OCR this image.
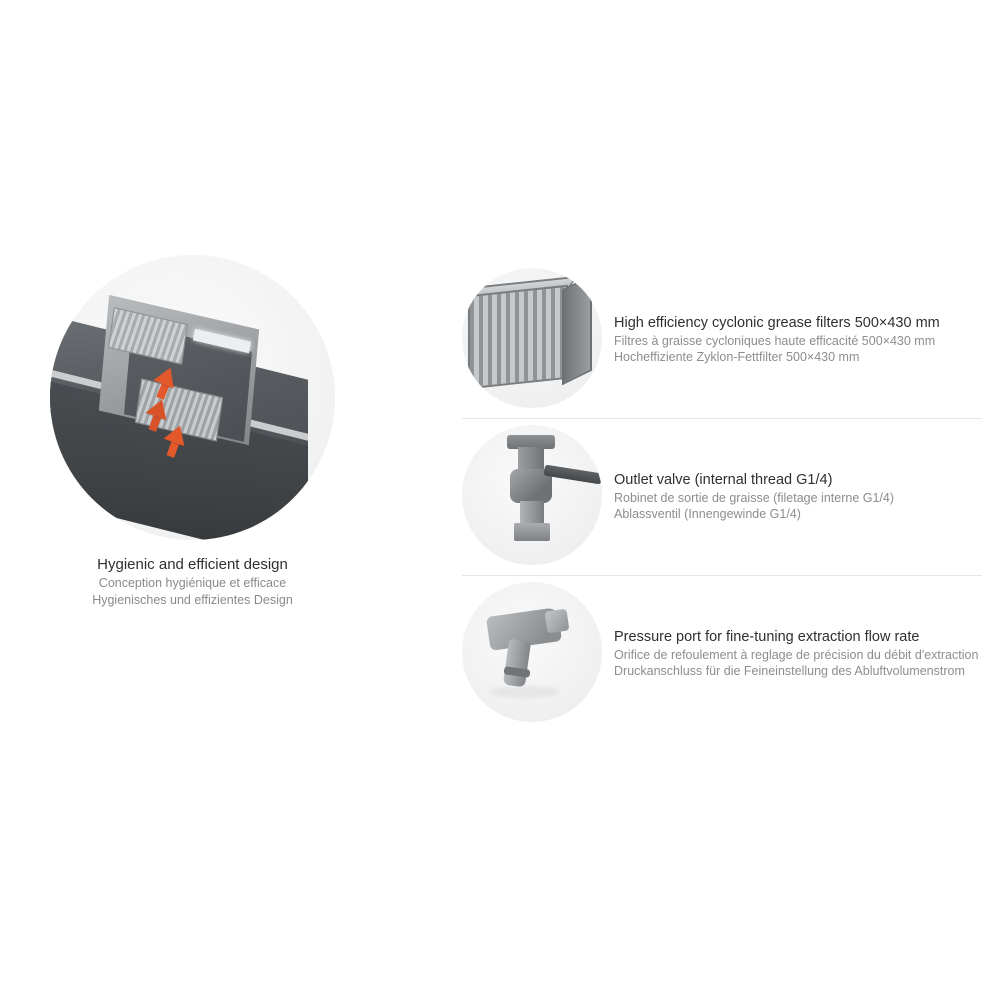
Hygienic and efficient design
Conception hygiénique et efficace
Hygienisches und effizientes Design
High efficiency cyclonic grease filters 500×430 mm
Filtres à graisse cycloniques haute efficacité 500×430 mm
Hocheffiziente Zyklon-Fettfilter 500×430 mm
Outlet valve (internal thread G1/4)
Robinet de sortie de graisse (filetage interne G1/4)
Ablassventil (Innengewinde G1/4)
Pressure port for fine-tuning extraction flow rate
Orifice de refoulement à reglage de précision du débit d'extraction
Druckanschluss für die Feineinstellung des Abluftvolumenstrom
